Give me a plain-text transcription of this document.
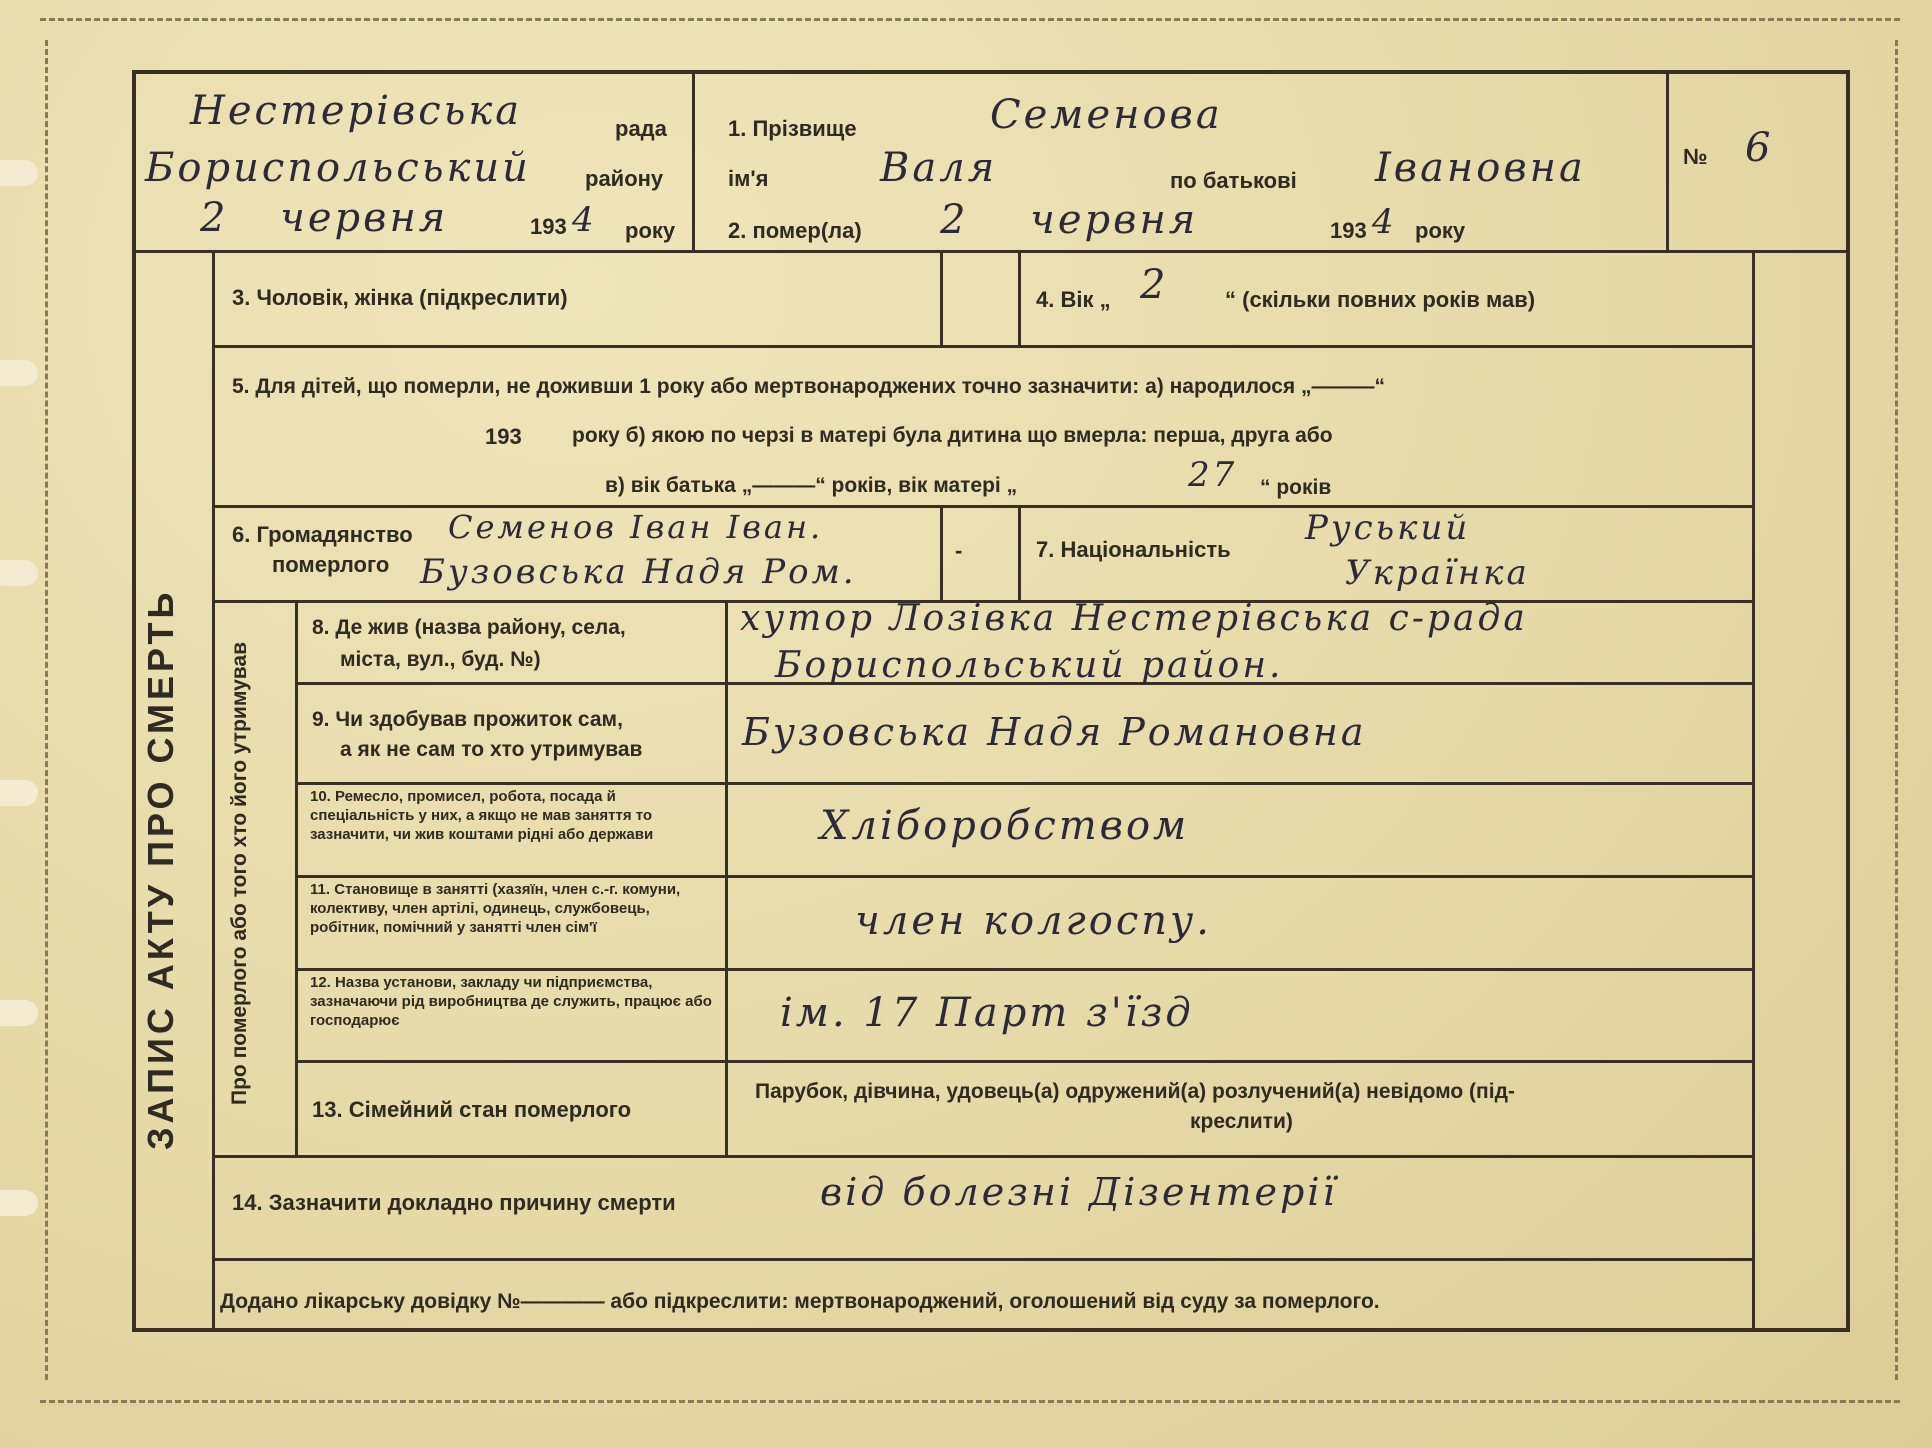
Нестерівська	рада
Бориспольський району
2 червня	193 4 року
1. Прізвище	Семенова
ім'я	Валя	по батькові Івановна
2. помер(ла) 2 червня	193 4 року
№ 6
ЗАПИС АКТУ ПРО СМЕРТЬ Про померлого або того хто його утримував
3. Чоловік, жінка (підкреслити)	4. Вік „ 2	“ (скільки повних років мав)
5. Для дітей, що померли, не доживши 1 року або мертвонароджених точно зазначити: а) народилося „———“
193 року б) якою по черзі в матері була дитина що вмерла: перша, друга або
в) вік батька „———“ років, вік матері „	27 “ років
6. Громадянство
померлого
Семенов Іван Іван.
Бузовська Надя Ром.
-	7. Національність
Руський
Українка
8. Де жив (назва району, села,
міста, вул., буд. №)
хутор Лозівка Нестерівська с-рада
Бориспольський район.
9. Чи здобував прожиток сам,
а як не сам то хто утримував	Бузовська Надя Романовна
10. Ремесло, промисел, робота, посада й спеціальність у них, а якщо не мав заняття то зазначити, чи жив коштами рідні або держави	Хліборобством
11. Становище в занятті (хазяїн, член с.-г. комуни, колективу, член артілі, одинець, службовець, робітник, помічний у занятті член сім'ї	член колгоспу.
12. Назва установи, закладу чи підприємства, зазначаючи рід виробництва де служить, працює або господарює	ім. 17 Парт з'їзд
13. Сімейний стан померлого
Парубок, дівчина, удовець(а) одружений(а) розлучений(а) невідомо (під-
креслити)
14. Зазначити докладно причину смерти	від болезні Дізентерії
Додано лікарську довідку №———— або підкреслити: мертвонароджений, оголошений від суду за померлого.
